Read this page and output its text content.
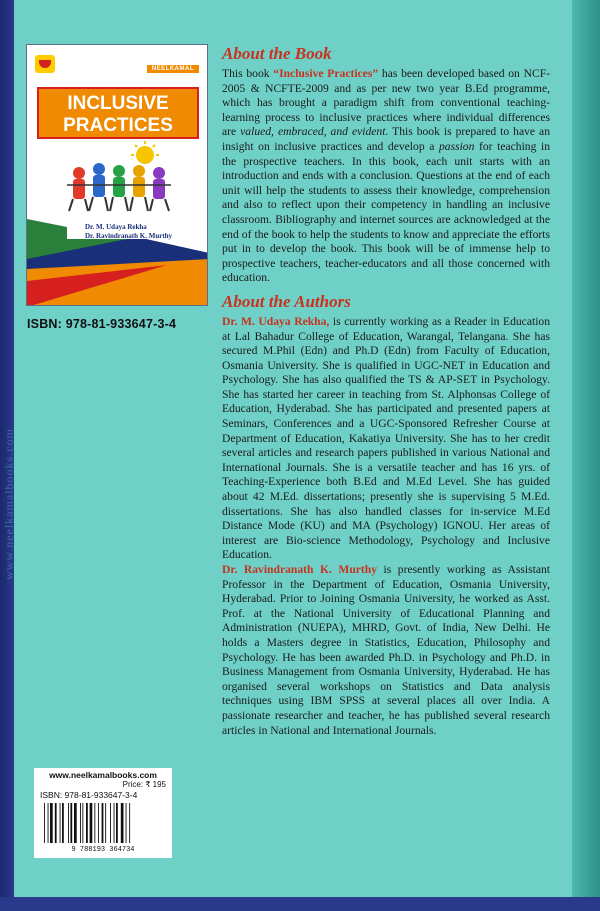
www.neelkamalbooks.com
NEELKAMAL
INCLUSIVE
PRACTICES
Dr. M. Udaya Rekha
Dr. Ravindranath K. Murthy
ISBN: 978-81-933647-3-4
About the Book

This book “Inclusive Practices” has been developed based on NCF-2005 & NCFTE-2009 and as per new two year B.Ed programme, which has brought a paradigm shift from conventional teaching-learning process to inclusive practices where individual differences are valued, embraced, and evident. This book is prepared to have an insight on inclusive practices and develop a passion for teaching in the prospective teachers. In this book, each unit starts with an introduction and ends with a conclusion. Questions at the end of each unit will help the students to assess their knowledge, comprehension and also to reflect upon their competency in handling an inclusive classroom. Bibliography and internet sources are acknowledged at the end of the book to help the students to know and appreciate the efforts put in to develop the book. This book will be of immense help to prospective teachers, teacher-educators and all those concerned with education.

About the Authors

Dr. M. Udaya Rekha, is currently working as a Reader in Education at Lal Bahadur College of Education, Warangal, Telangana. She has secured M.Phil (Edn) and Ph.D (Edn) from Faculty of Education, Osmania University. She is qualified in UGC-NET in Education and Psychology. She has also qualified the TS & AP-SET in Psychology. She has started her career in teaching from St. Alphonsas College of Education, Hyderabad. She has participated and presented papers at Seminars, Conferences and a UGC-Sponsored Refresher Course at Department of Education, Kakatiya University. She has to her credit several articles and research papers published in various National and International Journals. She is a versatile teacher and has 16 yrs. of Teaching-Experience both B.Ed and M.Ed Level. She has guided about 42 M.Ed. dissertations; presently she is supervising 5 M.Ed. dissertations. She has also handled classes for in-service M.Ed Distance Mode (KU) and MA (Psychology) IGNOU. Her areas of interest are Bio-science Methodology, Psychology and Inclusive Education.

Dr. Ravindranath K. Murthy is presently working as Assistant Professor in the Department of Education, Osmania University, Hyderabad. Prior to Joining Osmania University, he worked as Asst. Prof. at the National University of Educational Planning and Administration (NUEPA), MHRD, Govt. of India, New Delhi. He holds a Masters degree in Statistics, Education, Philosophy and Psychology. He has been awarded Ph.D. in Psychology and Ph.D. in Business Management from Osmania University, Hyderabad. He has organised several workshops on Statistics and Data analysis techniques using IBM SPSS at several places all over India. A passionate researcher and teacher, he has published several research articles in National and International Journals.

www.neelkamalbooks.com
Price: ₹ 195
ISBN: 978-81-933647-3-4
9 788193 364734
